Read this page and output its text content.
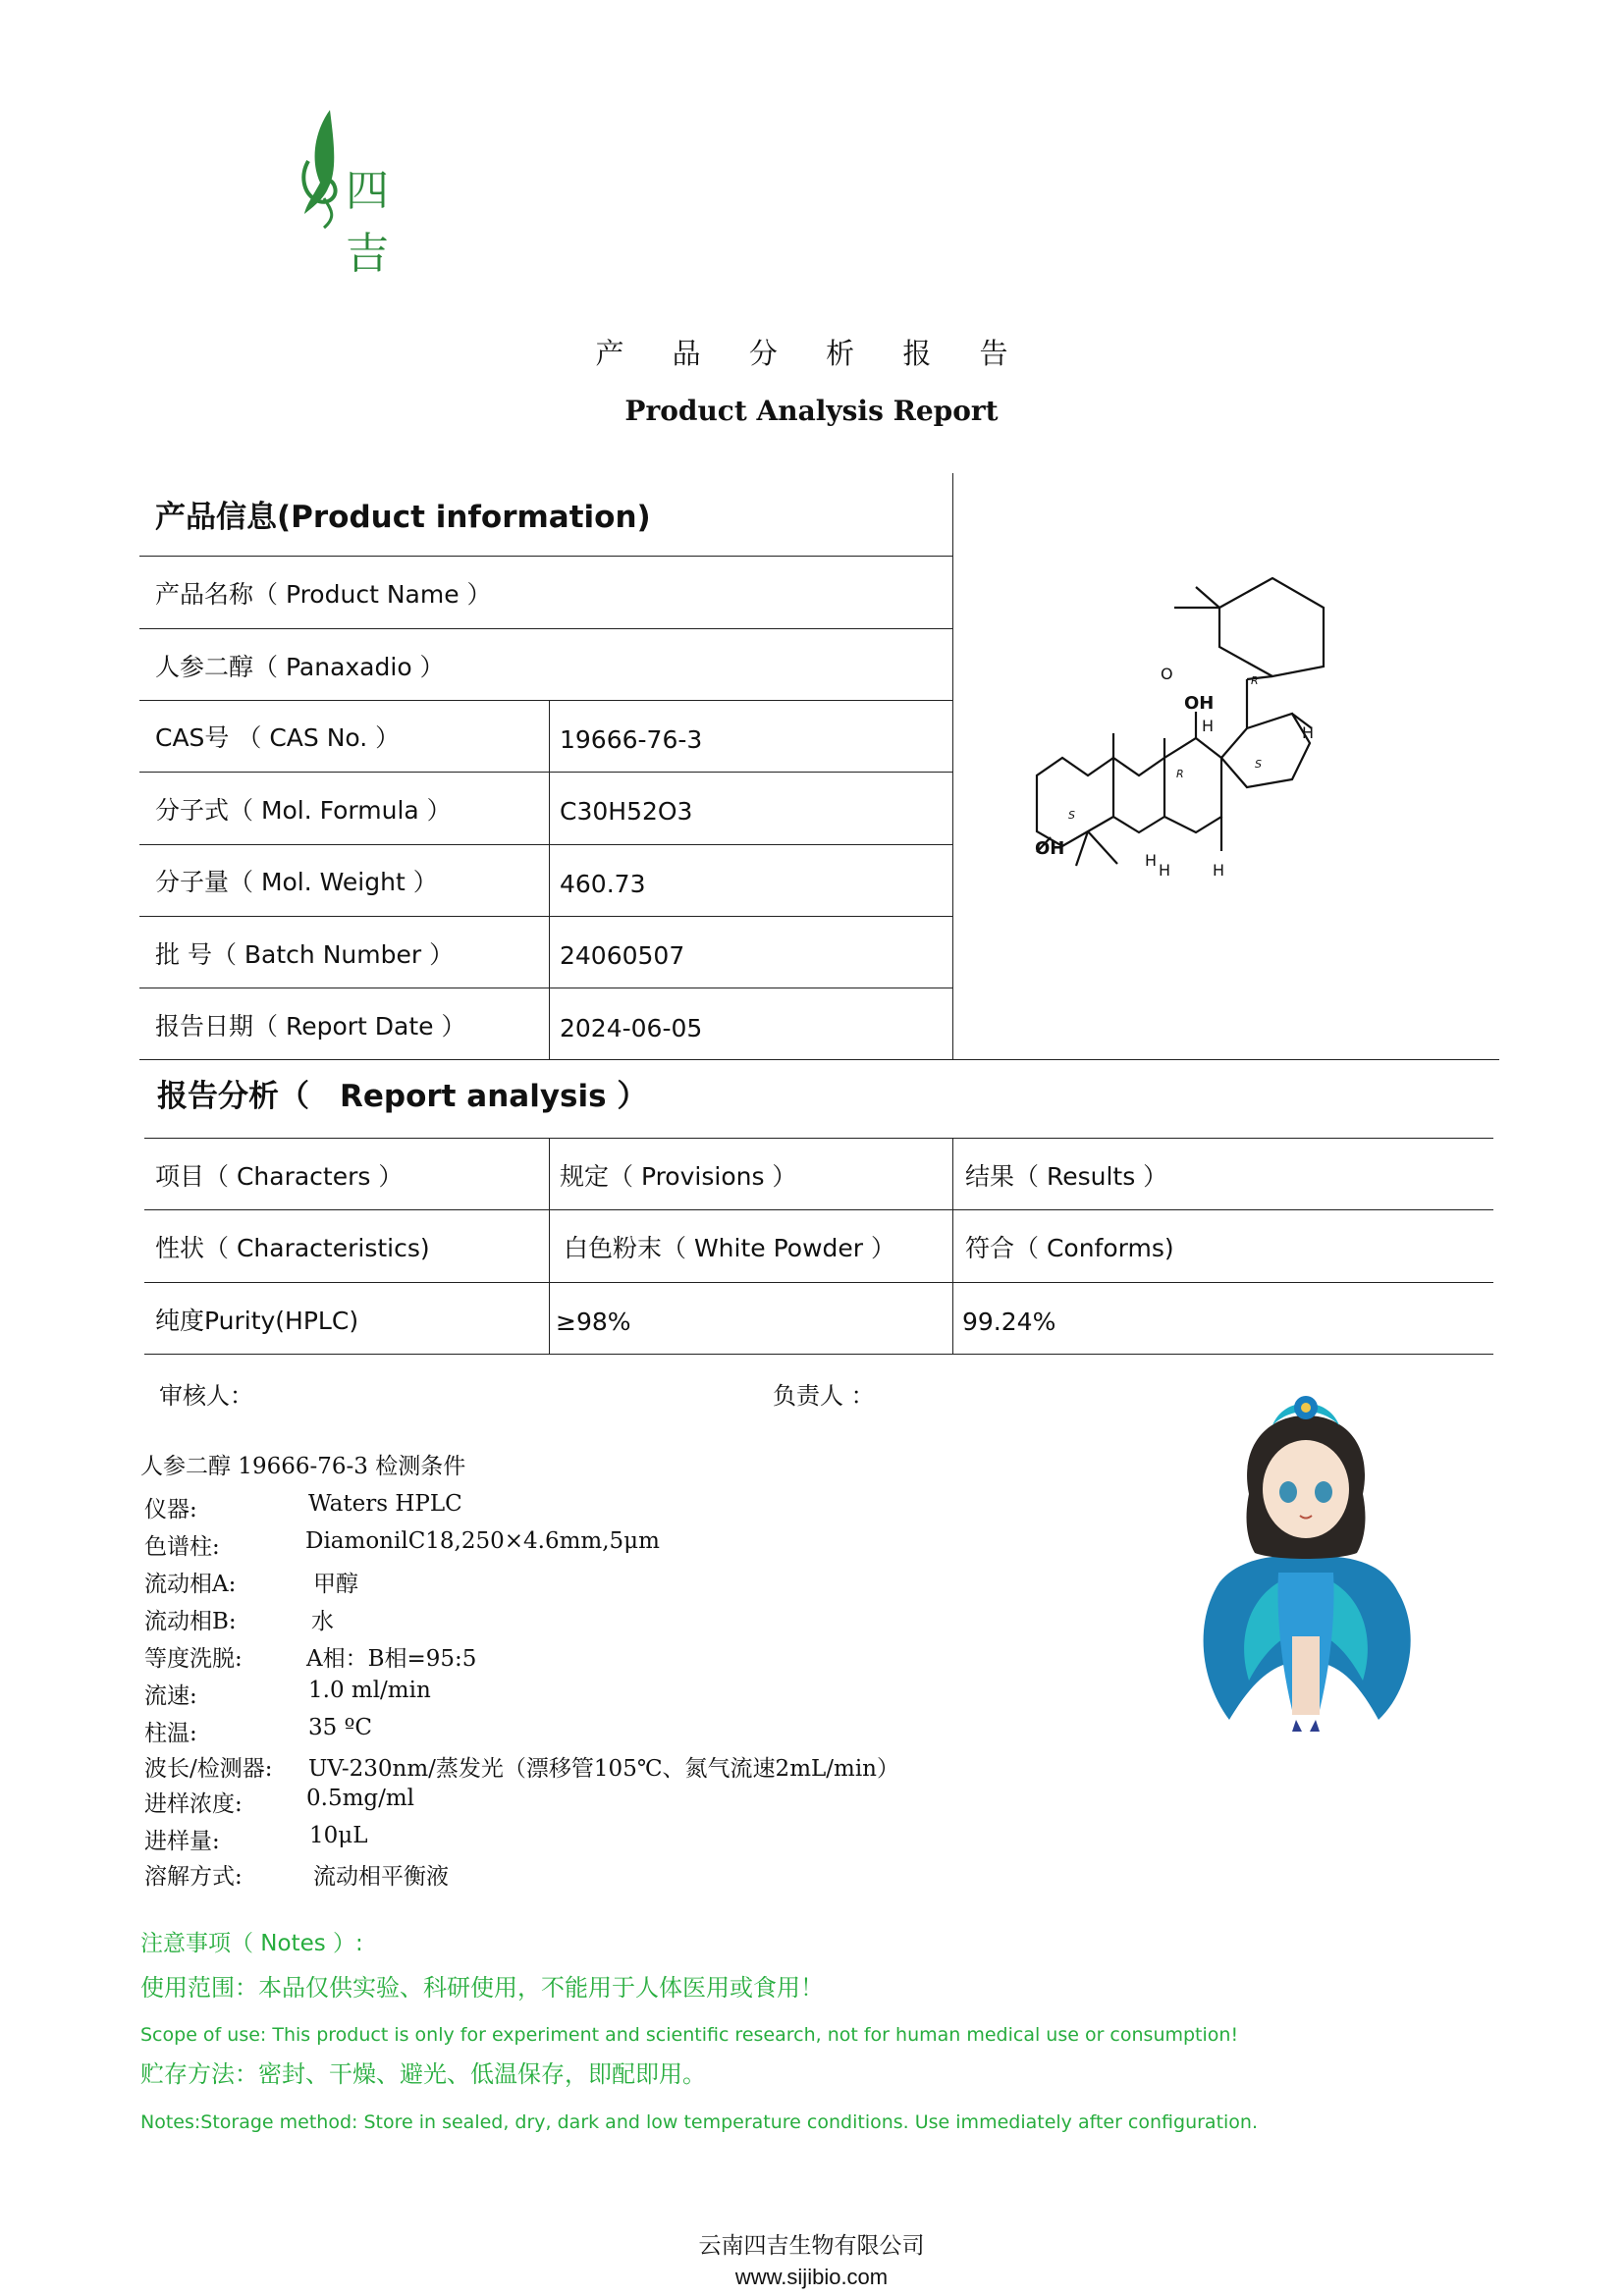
四吉
产 品 分 析 报 告
Product Analysis Report
产品信息(Product information)
产品名称（ Product Name ）
人参二醇（ Panaxadio ）
CAS号 （ CAS No. ）	19666-76-3
分子式（ Mol. Formula ）	C30H52O3
分子量（ Mol. Weight ）	460.73
批 号（ Batch Number ）	24060507
报告日期（ Report Date ）	2024-06-05
O
OH
OH
H
H
H	H
H
R
S
R
S
报告分析（　Report analysis ）
项目（ Characters ）	规定（ Provisions ）	结果（ Results ）
性状（ Characteristics)	白色粉末（ White Powder ）	符合（ Conforms)
纯度Purity(HPLC)	≥98%	99.24%
审核人：	负责人 ：
人参二醇 19666-76-3 检测条件
仪器:	Waters HPLC
色谱柱:	DiamonilC18,250×4.6mm,5μm
流动相A:	甲醇
流动相B:	水
等度洗脱:	A相：B相=95:5
流速:	1.0 ml/min
柱温:	35 ºC
波长/检测器: UV-230nm/蒸发光（漂移管105℃、氮气流速2mL/min）
进样浓度:	0.5mg/ml
进样量:	10μL
溶解方式:	流动相平衡液
注意事项（ Notes ）:
使用范围：本品仅供实验、科研使用，不能用于人体医用或食用！
Scope of use: This product is only for experiment and scientific research, not for human medical use or consumption!
贮存方法：密封、干燥、避光、低温保存，即配即用。
Notes:Storage method: Store in sealed, dry, dark and low temperature conditions. Use immediately after configuration.
云南四吉生物有限公司
www.sijibio.com
